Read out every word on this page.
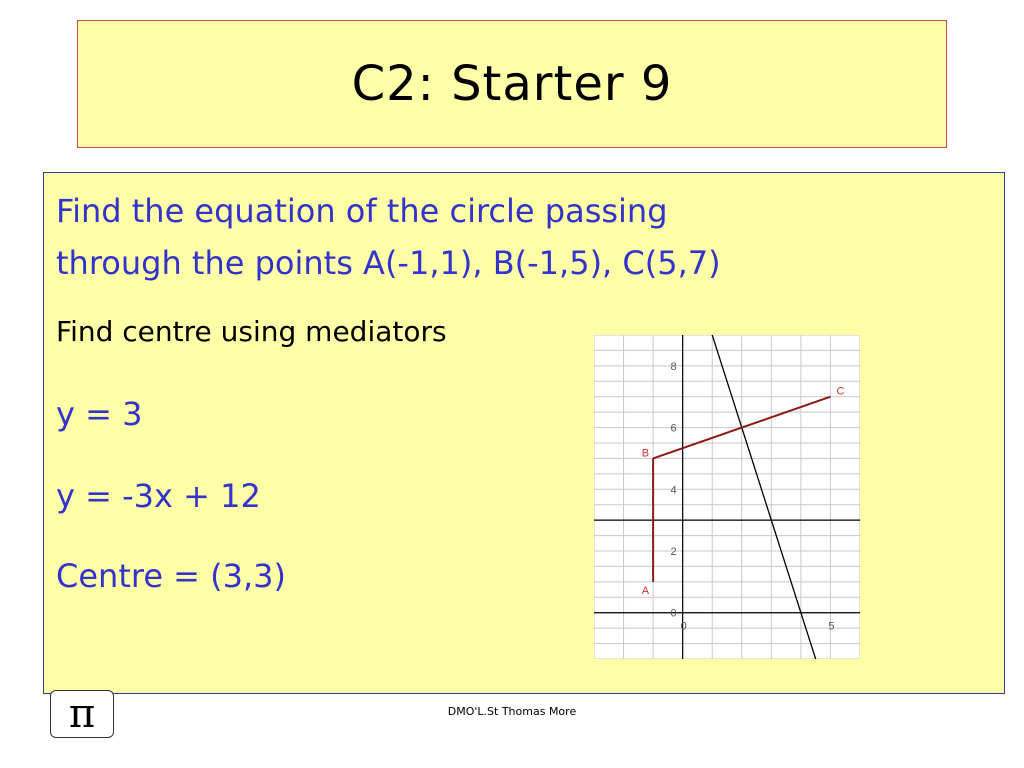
C2: Starter 9
Find the equation of the circle passing
through the points A(-1,1), B(-1,5), C(5,7)
Find centre using mediators
y = 3
y = -3x + 12
Centre = (3,3)
8
6
4
2
0
0	5
A
B
C
π	DMO'L.St Thomas More
